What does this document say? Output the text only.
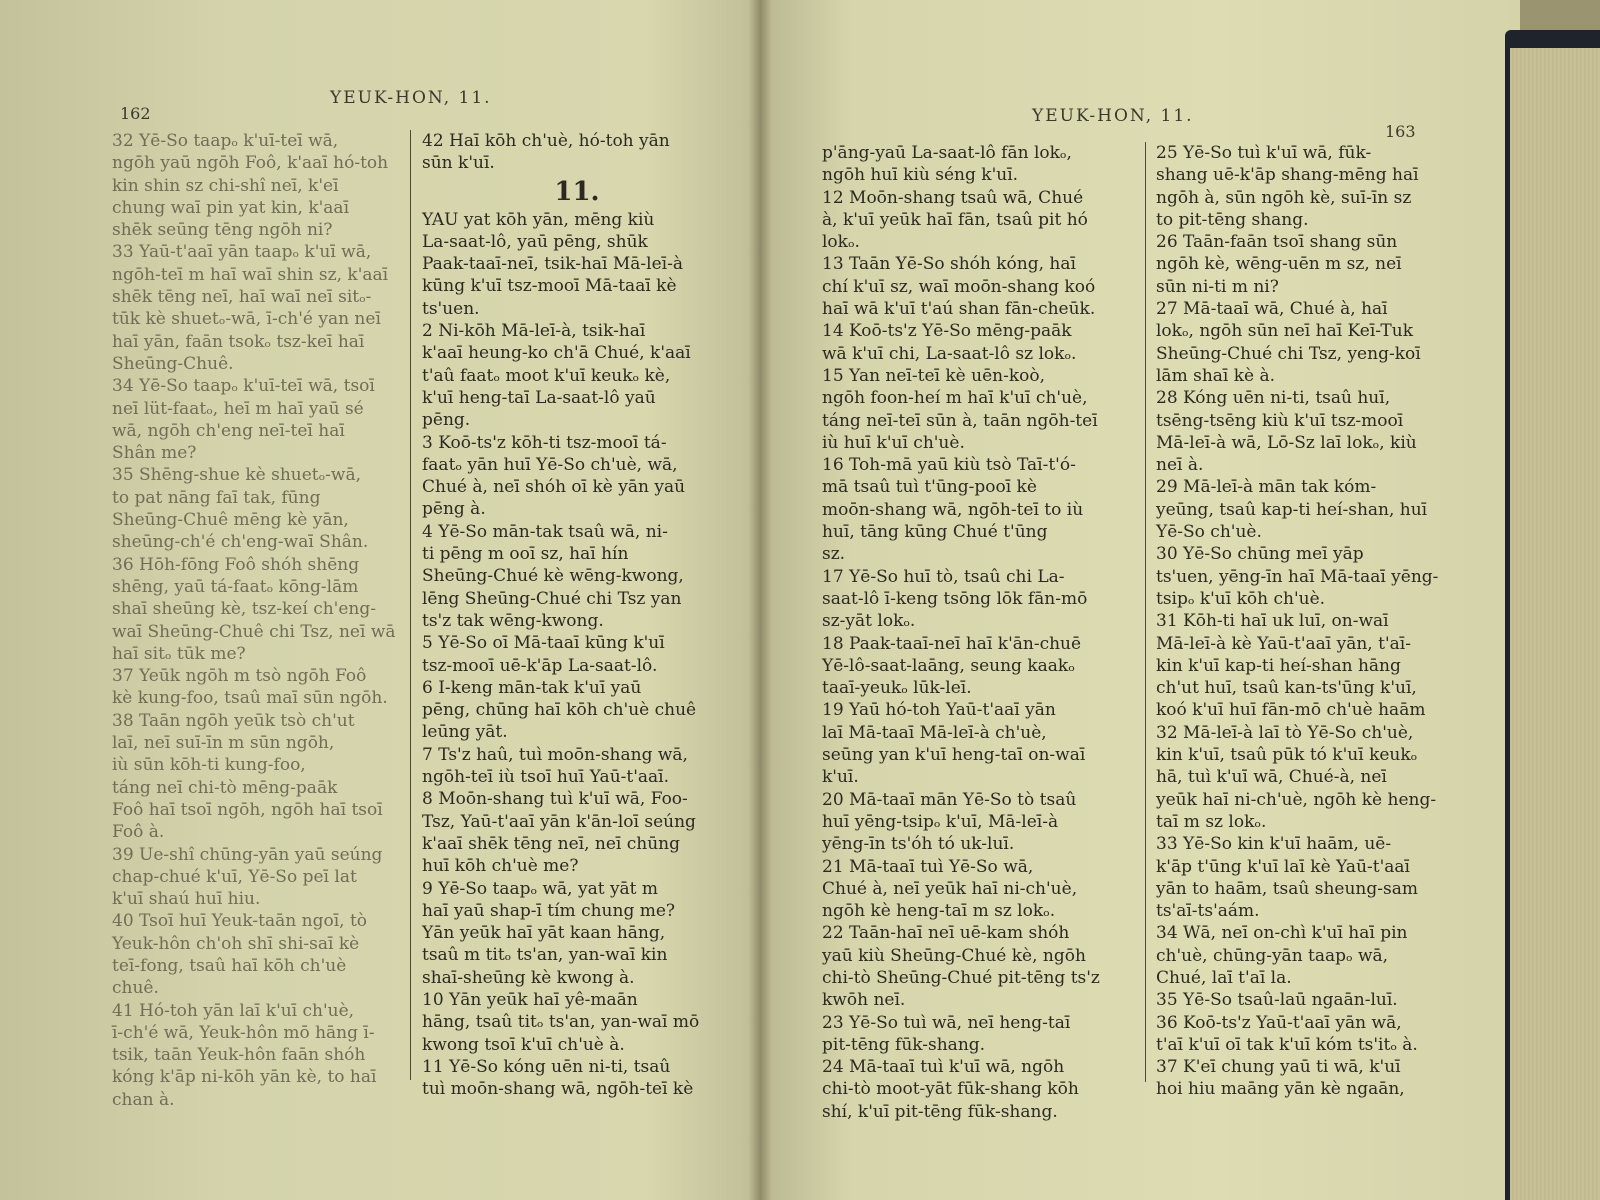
162
YEUK-HON, 11.
32 Yē-So taapₒ k'uī-teī wā,
ngōh yaū ngōh Foô, k'aaī hó-toh
kin shin sz chi-shî neī, k'eī
chung waī pin yat kin, k'aaī
shēk seūng tēng ngōh ni?
33 Yaū-t'aaī yān taapₒ k'uī wā,
ngōh-teī m haī waī shin sz, k'aaī
shēk tēng neī, haī waī neī sitₒ-
tūk kè shuetₒ-wā, ī-ch'é yan neī
haī yān, faān tsokₒ tsz-keī haī
Sheūng-Chuê.
34 Yē-So taapₒ k'uī-teī wā, tsoī
neī lüt-faatₒ, heī m haī yaū sé
wā, ngōh ch'eng neī-teī haī
Shân me?
35 Shēng-shue kè shuetₒ-wā,
to pat nāng faī tak, fūng
Sheūng-Chuê mēng kè yān,
sheūng-ch'é ch'eng-waī Shân.
36 Hōh-fōng Foô shóh shēng
shēng, yaū tá-faatₒ kōng-lām
shaī sheūng kè, tsz-keí ch'eng-
waī Sheūng-Chuê chi Tsz, neī wā
haī sitₒ tūk me?
37 Yeūk ngōh m tsò ngōh Foô
kè kung-foo, tsaû maī sūn ngōh.
38 Taān ngōh yeūk tsò ch'ut
laī, neī suī-īn m sūn ngōh,
iù sūn kōh-ti kung-foo,
táng neī chi-tò mēng-paāk
Foô haī tsoī ngōh, ngōh haī tsoī
Foô à.
39 Ue-shî chūng-yān yaū seúng
chap-chué k'uī, Yē-So peī lat
k'uī shaú huī hiu.
40 Tsoī huī Yeuk-taān ngoī, tò
Yeuk-hôn ch'oh shī shi-saī kè
teī-fong, tsaû haī kōh ch'uè
chuê.
41 Hó-toh yān laī k'uī ch'uè,
ī-ch'é wā, Yeuk-hôn mō hāng ī-
tsik, taān Yeuk-hôn faān shóh
kóng k'āp ni-kōh yān kè, to haī
chan à.
42 Haī kōh ch'uè, hó-toh yān
sūn k'uī.
11.
YAU yat kōh yān, mēng kiù
La-saat-lô, yaū pēng, shūk
Paak-taaī-neī, tsik-haī Mā-leī-à
kūng k'uī tsz-mooī Mā-taaī kè
ts'uen.
2 Ni-kōh Mā-leī-à, tsik-haī
k'aaī heung-ko ch'ā Chué, k'aaī
t'aû faatₒ moot k'uī keukₒ kè,
k'uī heng-taī La-saat-lô yaū
pēng.
3 Koō-ts'z kōh-ti tsz-mooī tá-
faatₒ yān huī Yē-So ch'uè, wā,
Chué à, neī shóh oī kè yān yaū
pēng à.
4 Yē-So mān-tak tsaû wā, ni-
ti pēng m ooī sz, haī hín
Sheūng-Chué kè wēng-kwong,
lēng Sheūng-Chué chi Tsz yan
ts'z tak wēng-kwong.
5 Yē-So oī Mā-taaī kūng k'uī
tsz-mooī uē-k'āp La-saat-lô.
6 I-keng mān-tak k'uī yaū
pēng, chūng haī kōh ch'uè chuê
leūng yāt.
7 Ts'z haû, tuì moōn-shang wā,
ngōh-teī iù tsoī huī Yaū-t'aaī.
8 Moōn-shang tuì k'uī wā, Foo-
Tsz, Yaū-t'aaī yān k'ān-loī seúng
k'aaī shēk tēng neī, neī chūng
huī kōh ch'uè me?
9 Yē-So taapₒ wā, yat yāt m
haī yaū shap-ī tím chung me?
Yān yeūk haī yāt kaan hāng,
tsaû m titₒ ts'an, yan-waī kin
shaī-sheūng kè kwong à.
10 Yān yeūk haī yê-maān
hāng, tsaû titₒ ts'an, yan-waī mō
kwong tsoī k'uī ch'uè à.
11 Yē-So kóng uēn ni-ti, tsaû
tuì moōn-shang wā, ngōh-teī kè
YEUK-HON, 11.
163
p'āng-yaū La-saat-lô fān lokₒ,
ngōh huī kiù séng k'uī.
12 Moōn-shang tsaû wā, Chué
à, k'uī yeūk haī fān, tsaû pit hó
lokₒ.
13 Taān Yē-So shóh kóng, haī
chí k'uī sz, waī moōn-shang koó
haī wā k'uī t'aú shan fān-cheūk.
14 Koō-ts'z Yē-So mēng-paāk
wā k'uī chi, La-saat-lô sz lokₒ.
15 Yan neī-teī kè uēn-koò,
ngōh foon-heí m haī k'uī ch'uè,
táng neī-teī sūn à, taān ngōh-teī
iù huī k'uī ch'uè.
16 Toh-mā yaū kiù tsò Taī-t'ó-
mā tsaû tuì t'ūng-pooī kè
moōn-shang wā, ngōh-teī to iù
huī, tāng kūng Chué t'ūng
sz.
17 Yē-So huī tò, tsaû chi La-
saat-lô ī-keng tsōng lōk fān-mō
sz-yāt lokₒ.
18 Paak-taaī-neī haī k'ān-chuē
Yē-lô-saat-laāng, seung kaakₒ
taaī-yeukₒ lūk-leī.
19 Yaū hó-toh Yaū-t'aaī yān
laī Mā-taaī Mā-leī-à ch'uè,
seūng yan k'uī heng-taī on-waī
k'uī.
20 Mā-taaī mān Yē-So tò tsaû
huī yēng-tsipₒ k'uī, Mā-leī-à
yēng-īn ts'óh tó uk-luī.
21 Mā-taaī tuì Yē-So wā,
Chué à, neī yeūk haī ni-ch'uè,
ngōh kè heng-taī m sz lokₒ.
22 Taān-haī neī uē-kam shóh
yaū kiù Sheūng-Chué kè, ngōh
chi-tò Sheūng-Chué pit-tēng ts'z
kwōh neī.
23 Yē-So tuì wā, neī heng-taī
pit-tēng fūk-shang.
24 Mā-taaī tuì k'uī wā, ngōh
chi-tò moot-yāt fūk-shang kōh
shí, k'uī pit-tēng fūk-shang.
25 Yē-So tuì k'uī wā, fūk-
shang uē-k'āp shang-mēng haī
ngōh à, sūn ngōh kè, suī-īn sz
to pit-tēng shang.
26 Taān-faān tsoī shang sūn
ngōh kè, wēng-uēn m sz, neī
sūn ni-ti m ni?
27 Mā-taaī wā, Chué à, haī
lokₒ, ngōh sūn neī haī Keī-Tuk
Sheūng-Chué chi Tsz, yeng-koī
lām shaī kè à.
28 Kóng uēn ni-ti, tsaû huī,
tsēng-tsēng kiù k'uī tsz-mooī
Mā-leī-à wā, Lō-Sz laī lokₒ, kiù
neī à.
29 Mā-leī-à mān tak kóm-
yeūng, tsaû kap-ti heí-shan, huī
Yē-So ch'uè.
30 Yē-So chūng meī yāp
ts'uen, yēng-īn haī Mā-taaī yēng-
tsipₒ k'uī kōh ch'uè.
31 Kōh-ti haī uk luī, on-waī
Mā-leī-à kè Yaū-t'aaī yān, t'aī-
kin k'uī kap-ti heí-shan hāng
ch'ut huī, tsaû kan-ts'ūng k'uī,
koó k'uī huī fān-mō ch'uè haām
32 Mā-leī-à laī tò Yē-So ch'uè,
kin k'uī, tsaû pūk tó k'uī keukₒ
hā, tuì k'uī wā, Chué-à, neī
yeūk haī ni-ch'uè, ngōh kè heng-
taī m sz lokₒ.
33 Yē-So kin k'uī haām, uē-
k'āp t'ūng k'uī laī kè Yaū-t'aaī
yān to haām, tsaû sheung-sam
ts'aī-ts'aám.
34 Wā, neī on-chì k'uī haī pin
ch'uè, chūng-yān taapₒ wā,
Chué, laī t'aī la.
35 Yē-So tsaû-laū ngaān-luī.
36 Koō-ts'z Yaū-t'aaī yān wā,
t'aī k'uī oī tak k'uī kóm ts'itₒ à.
37 K'eī chung yaū ti wā, k'uī
hoi hiu maāng yān kè ngaān,
